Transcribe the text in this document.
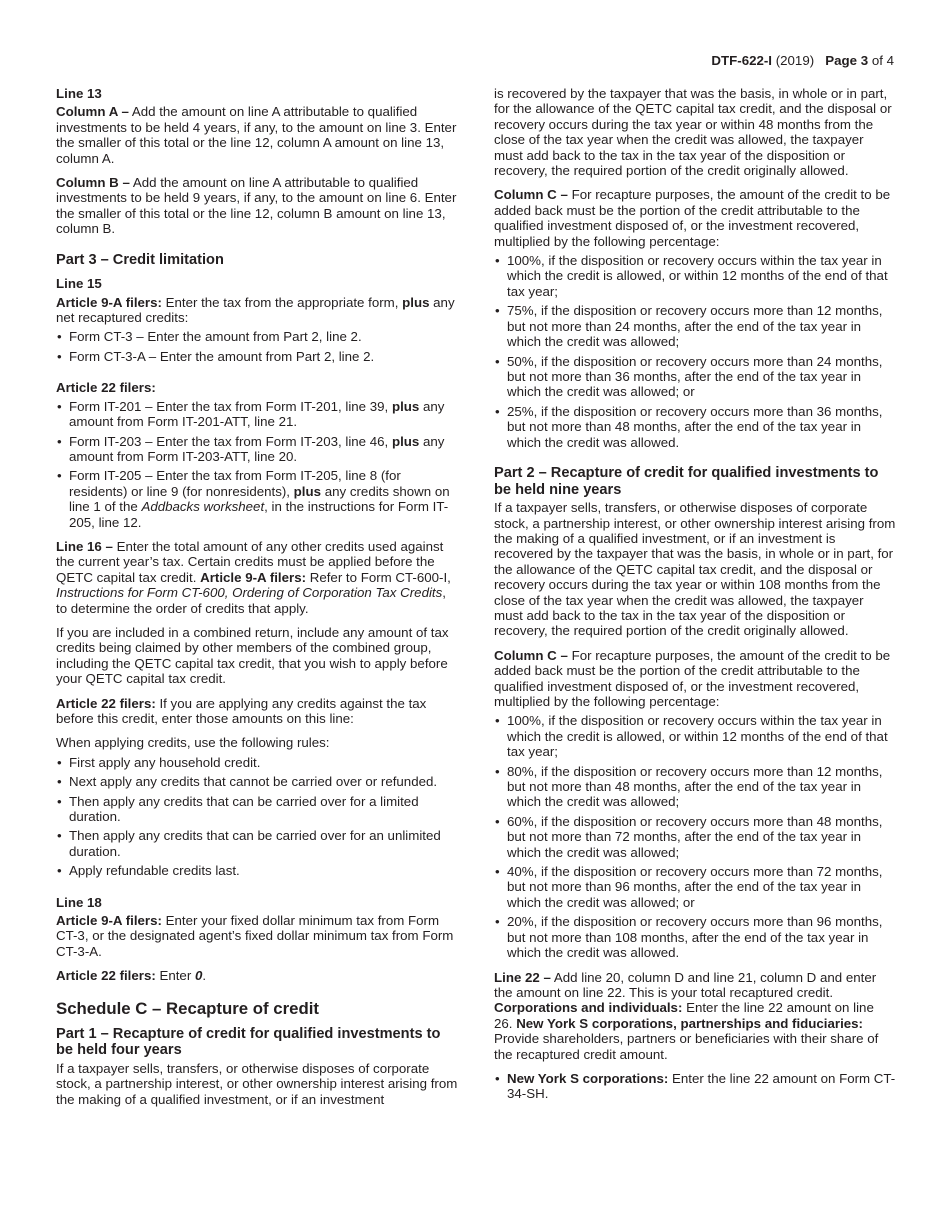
DTF-622-I (2019) Page 3 of 4
Line 13

Column A – Add the amount on line A attributable to qualified investments to be held 4 years, if any, to the amount on line 3. Enter the smaller of this total or the line 12, column A amount on line 13, column A.

Column B – Add the amount on line A attributable to qualified investments to be held 9 years, if any, to the amount on line 6. Enter the smaller of this total or the line 12, column B amount on line 13, column B.

Part 3 – Credit limitation
Line 15

Article 9-A filers: Enter the tax from the appropriate form, plus any net recaptured credits:

• Form CT-3 – Enter the amount from Part 2, line 2.
• Form CT-3-A – Enter the amount from Part 2, line 2.
Article 22 filers:
• Form IT-201 – Enter the tax from Form IT-201, line 39, plus any amount from Form IT-201-ATT, line 21.
• Form IT-203 – Enter the tax from Form IT-203, line 46, plus any amount from Form IT-203-ATT, line 20.
• Form IT-205 – Enter the tax from Form IT-205, line 8 (for residents) or line 9 (for nonresidents), plus any credits shown on line 1 of the Addbacks worksheet, in the instructions for Form IT-205, line 12.

Line 16 – Enter the total amount of any other credits used against the current year’s tax. Certain credits must be applied before the QETC capital tax credit. Article 9-A filers: Refer to Form CT-600-I, Instructions for Form CT-600, Ordering of Corporation Tax Credits, to determine the order of credits that apply.

If you are included in a combined return, include any amount of tax credits being claimed by other members of the combined group, including the QETC capital tax credit, that you wish to apply before your QETC capital tax credit.

Article 22 filers: If you are applying any credits against the tax before this credit, enter those amounts on this line:

When applying credits, use the following rules:

• First apply any household credit.
• Next apply any credits that cannot be carried over or refunded.
• Then apply any credits that can be carried over for a limited duration.
• Then apply any credits that can be carried over for an unlimited duration.
• Apply refundable credits last.
Line 18

Article 9-A filers: Enter your fixed dollar minimum tax from Form CT-3, or the designated agent’s fixed dollar minimum tax from Form CT-3-A.

Article 22 filers: Enter 0.

Schedule C – Recapture of credit
Part 1 – Recapture of credit for qualified investments to be held four years

If a taxpayer sells, transfers, or otherwise disposes of corporate stock, a partnership interest, or other ownership interest arising from the making of a qualified investment, or if an investment

is recovered by the taxpayer that was the basis, in whole or in part, for the allowance of the QETC capital tax credit, and the disposal or recovery occurs during the tax year or within 48 months from the close of the tax year when the credit was allowed, the taxpayer must add back to the tax in the tax year of the disposition or recovery, the required portion of the credit originally allowed.

Column C – For recapture purposes, the amount of the credit to be added back must be the portion of the credit attributable to the qualified investment disposed of, or the investment recovered, multiplied by the following percentage:

• 100%, if the disposition or recovery occurs within the tax year in which the credit is allowed, or within 12 months of the end of that tax year;
• 75%, if the disposition or recovery occurs more than 12 months, but not more than 24 months, after the end of the tax year in which the credit was allowed;
• 50%, if the disposition or recovery occurs more than 24 months, but not more than 36 months, after the end of the tax year in which the credit was allowed; or
• 25%, if the disposition or recovery occurs more than 36 months, but not more than 48 months, after the end of the tax year in which the credit was allowed.
Part 2 – Recapture of credit for qualified investments to be held nine years

If a taxpayer sells, transfers, or otherwise disposes of corporate stock, a partnership interest, or other ownership interest arising from the making of a qualified investment, or if an investment is recovered by the taxpayer that was the basis, in whole or in part, for the allowance of the QETC capital tax credit, and the disposal or recovery occurs during the tax year or within 108 months from the close of the tax year when the credit was allowed, the taxpayer must add back to the tax in the tax year of the disposition or recovery, the required portion of the credit originally allowed.

Column C – For recapture purposes, the amount of the credit to be added back must be the portion of the credit attributable to the qualified investment disposed of, or the investment recovered, multiplied by the following percentage:

• 100%, if the disposition or recovery occurs within the tax year in which the credit is allowed, or within 12 months of the end of that tax year;
• 80%, if the disposition or recovery occurs more than 12 months, but not more than 48 months, after the end of the tax year in which the credit was allowed;
• 60%, if the disposition or recovery occurs more than 48 months, but not more than 72 months, after the end of the tax year in which the credit was allowed;
• 40%, if the disposition or recovery occurs more than 72 months, but not more than 96 months, after the end of the tax year in which the credit was allowed; or
• 20%, if the disposition or recovery occurs more than 96 months, but not more than 108 months, after the end of the tax year in which the credit was allowed.

Line 22 – Add line 20, column D and line 21, column D and enter the amount on line 22. This is your total recaptured credit. Corporations and individuals: Enter the line 22 amount on line 26. New York S corporations, partnerships and fiduciaries: Provide shareholders, partners or beneficiaries with their share of the recaptured credit amount.

• New York S corporations: Enter the line 22 amount on Form CT-34-SH.
